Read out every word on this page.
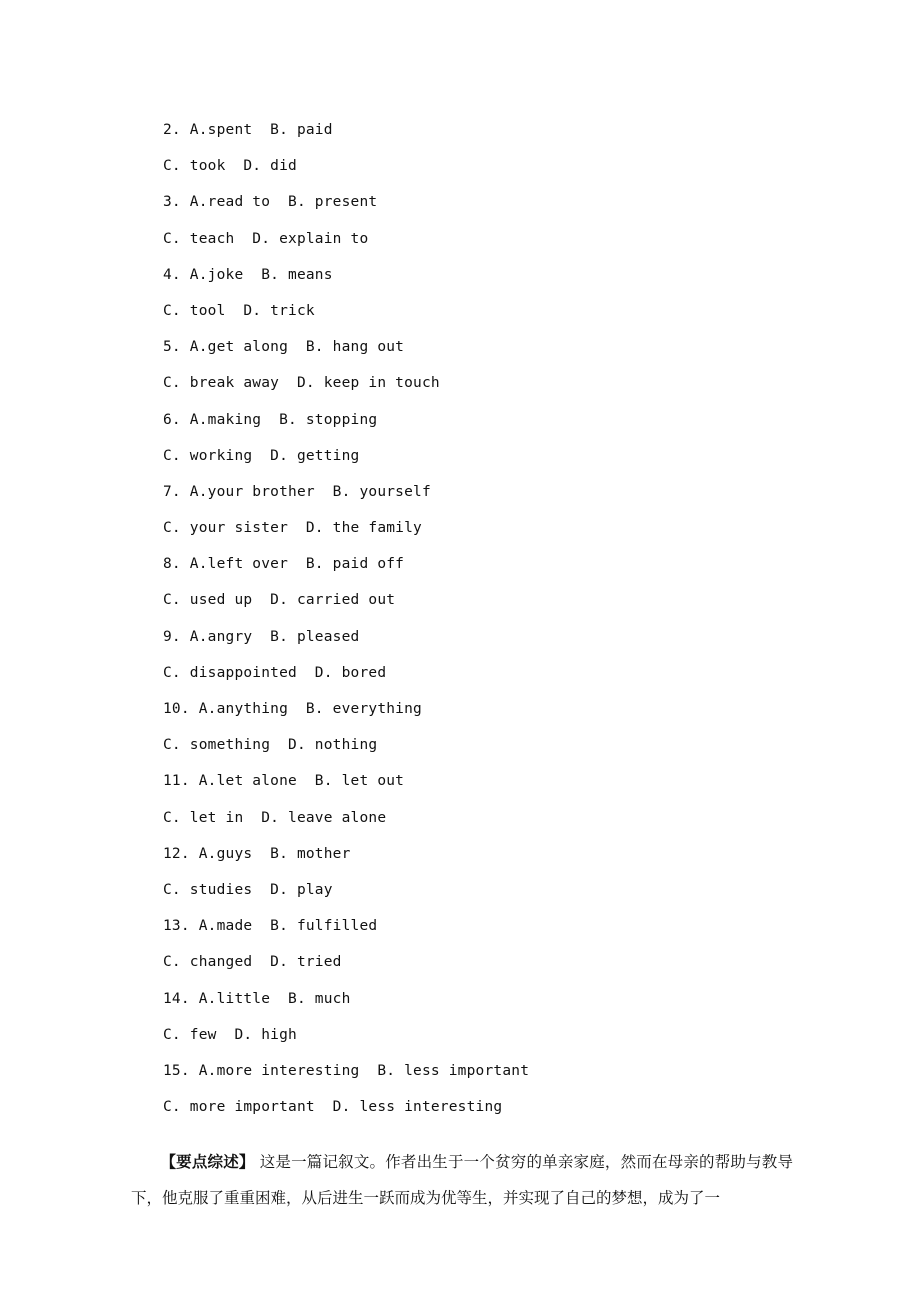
2. A.spent  B. paid
C. took  D. did
3. A.read to  B. present
C. teach  D. explain to
4. A.joke  B. means
C. tool  D. trick
5. A.get along  B. hang out
C. break away  D. keep in touch
6. A.making  B. stopping
C. working  D. getting
7. A.your brother  B. yourself
C. your sister  D. the family
8. A.left over  B. paid off
C. used up  D. carried out
9. A.angry  B. pleased
C. disappointed  D. bored
10. A.anything  B. everything
C. something  D. nothing
11. A.let alone  B. let out
C. let in  D. leave alone
12. A.guys  B. mother
C. studies  D. play
13. A.made  B. fulfilled
C. changed  D. tried
14. A.little  B. much
C. few  D. high
15. A.more interesting  B. less important
C. more important  D. less interesting

【要点综述】 这是一篇记叙文。作者出生于一个贫穷的单亲家庭，然而在母亲的帮助与教导下，他克服了重重困难，从后进生一跃而成为优等生，并实现了自己的梦想，成为了一
